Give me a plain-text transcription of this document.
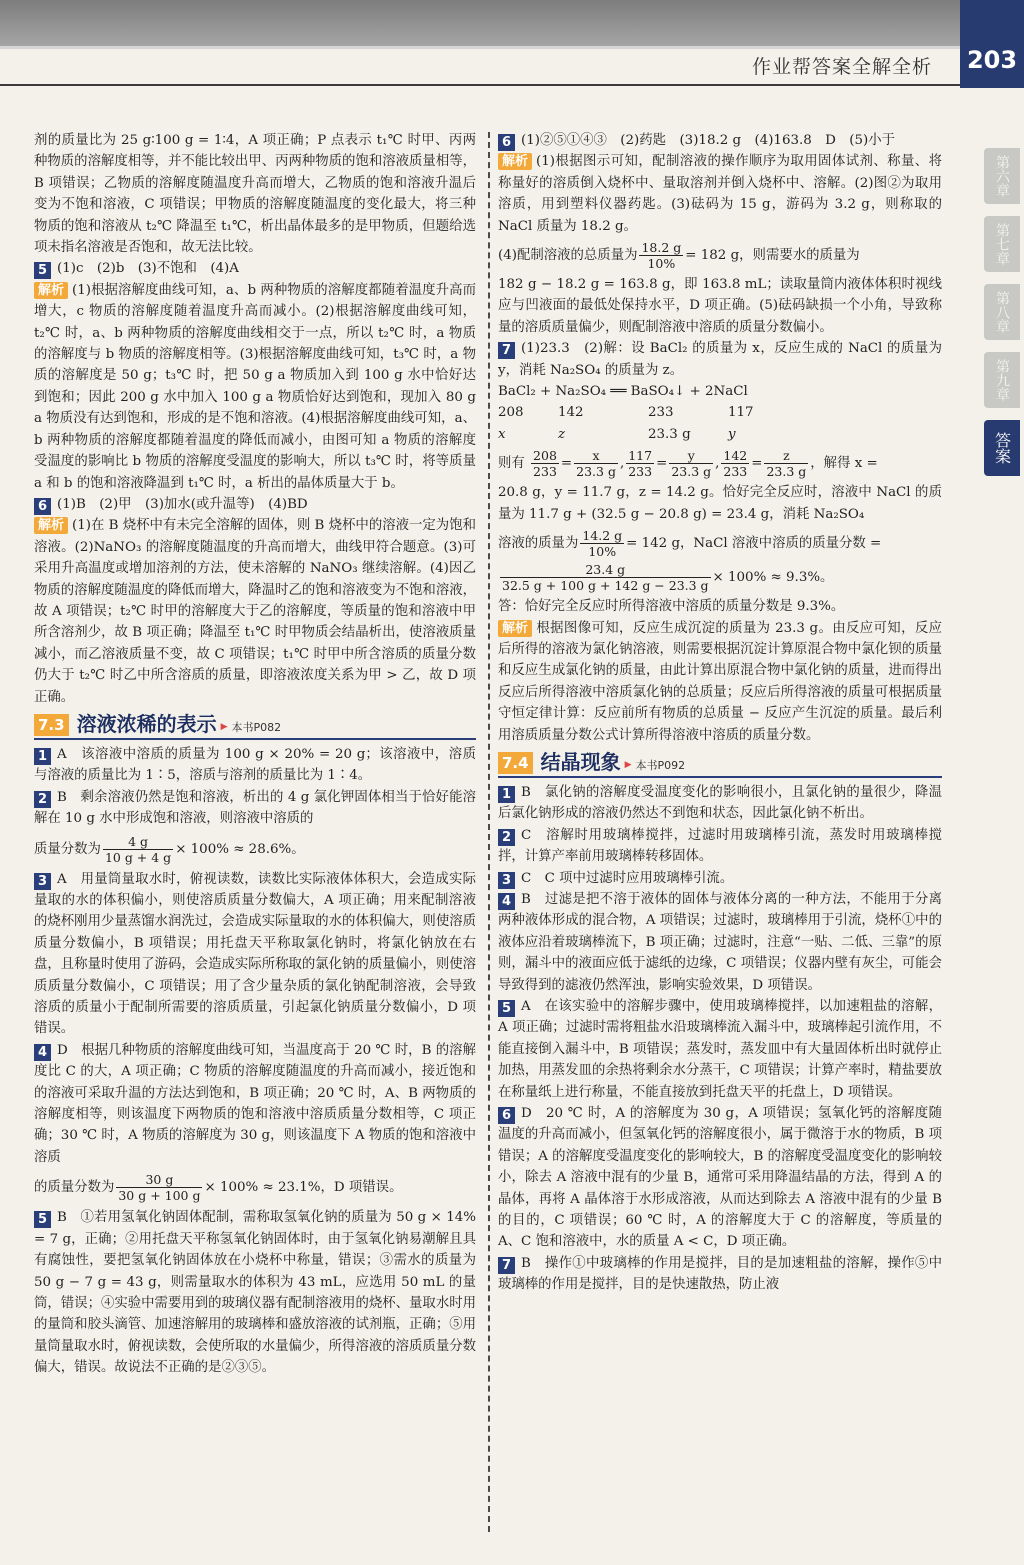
作业帮答案全解全析 203
第六章
第七章
第八章
第九章
答案

剂的质量比为 25 g∶100 g = 1∶4，A 项正确；P 点表示 t₁℃ 时甲、丙两种物质的溶解度相等，并不能比较出甲、丙两种物质的饱和溶液质量相等，B 项错误；乙物质的溶解度随温度升高而增大，乙物质的饱和溶液升温后变为不饱和溶液，C 项错误；甲物质的溶解度随温度的变化最大，将三种物质的饱和溶液从 t₂℃ 降温至 t₁℃，析出晶体最多的是甲物质，但题给选项未指名溶液是否饱和，故无法比较。

5 (1)c　(2)b　(3)不饱和　(4)A

解析 (1)根据溶解度曲线可知，a、b 两种物质的溶解度都随着温度升高而增大，c 物质的溶解度随着温度升高而减小。(2)根据溶解度曲线可知，t₂℃ 时，a、b 两种物质的溶解度曲线相交于一点，所以 t₂℃ 时，a 物质的溶解度与 b 物质的溶解度相等。(3)根据溶解度曲线可知，t₃℃ 时，a 物质的溶解度是 50 g；t₃℃ 时，把 50 g a 物质加入到 100 g 水中恰好达到饱和；因此 200 g 水中加入 100 g a 物质恰好达到饱和，现加入 80 g a 物质没有达到饱和，形成的是不饱和溶液。(4)根据溶解度曲线可知，a、b 两种物质的溶解度都随着温度的降低而减小，由图可知 a 物质的溶解度受温度的影响比 b 物质的溶解度受温度的影响大，所以 t₃℃ 时，将等质量 a 和 b 的饱和溶液降温到 t₁℃ 时，a 析出的晶体质量大于 b。

6 (1)B　(2)甲　(3)加水(或升温等)　(4)BD

解析 (1)在 B 烧杯中有未完全溶解的固体，则 B 烧杯中的溶液一定为饱和溶液。(2)NaNO₃ 的溶解度随温度的升高而增大，曲线甲符合题意。(3)可采用升高温度或增加溶剂的方法，使未溶解的 NaNO₃ 继续溶解。(4)因乙物质的溶解度随温度的降低而增大，降温时乙的饱和溶液变为不饱和溶液，故 A 项错误；t₂℃ 时甲的溶解度大于乙的溶解度，等质量的饱和溶液中甲所含溶剂少，故 B 项正确；降温至 t₁℃ 时甲物质会结晶析出，使溶液质量减小，而乙溶液质量不变，故 C 项错误；t₁℃ 时甲中所含溶质的质量分数仍大于 t₂℃ 时乙中所含溶质的质量，即溶液浓度关系为甲 > 乙，故 D 项正确。

7.3 溶液浓稀的表示 ▶ 本书P082

1 A　该溶液中溶质的质量为 100 g × 20% = 20 g；该溶液中，溶质与溶液的质量比为 1∶5，溶质与溶剂的质量比为 1∶4。

2 B　剩余溶液仍然是饱和溶液，析出的 4 g 氯化钾固体相当于恰好能溶解在 10 g 水中形成饱和溶液，则溶液中溶质的

质量分数为 $\frac{4 g}{10 g + 4 g} \times 100\% \approx 28.6\%$。

3 A　用量筒量取水时，俯视读数，读数比实际液体体积大，会造成实际量取的水的体积偏小，则使溶质质量分数偏大，A 项正确；用来配制溶液的烧杯刚用少量蒸馏水润洗过，会造成实际量取的水的体积偏大，则使溶质质量分数偏小，B 项错误；用托盘天平称取氯化钠时，将氯化钠放在右盘，且称量时使用了游码，会造成实际所称取的氯化钠的质量偏小，则使溶质质量分数偏小，C 项错误；用了含少量杂质的氯化钠配制溶液，会导致溶质的质量小于配制所需要的溶质质量，引起氯化钠质量分数偏小，D 项错误。

4 D　根据几种物质的溶解度曲线可知，当温度高于 20 ℃ 时，B 的溶解度比 C 的大，A 项正确；C 物质的溶解度随温度的升高而减小，接近饱和的溶液可采取升温的方法达到饱和，B 项正确；20 ℃ 时，A、B 两物质的溶解度相等，则该温度下两物质的饱和溶液中溶质质量分数相等，C 项正确；30 ℃ 时，A 物质的溶解度为 30 g，则该温度下 A 物质的饱和溶液中溶质

的质量分数为 $\frac{30 g}{30 g + 100 g} \times 100\% \approx 23.1\%$，D 项错误。

5 B　①若用氢氧化钠固体配制，需称取氢氧化钠的质量为 50 g × 14% = 7 g，正确；②用托盘天平称氢氧化钠固体时，由于氢氧化钠易潮解且具有腐蚀性，要把氢氧化钠固体放在小烧杯中称量，错误；③需水的质量为 50 g − 7 g = 43 g，则需量取水的体积为 43 mL，应选用 50 mL 的量筒，错误；④实验中需要用到的玻璃仪器有配制溶液用的烧杯、量取水时用的量筒和胶头滴管、加速溶解用的玻璃棒和盛放溶液的试剂瓶，正确；⑤用量筒量取水时，俯视读数，会使所取的水量偏少，所得溶液的溶质质量分数偏大，错误。故说法不正确的是②③⑤。

6 (1)②⑤①④③　(2)药匙　(3)18.2 g　(4)163.8　D　(5)小于

解析 (1)根据图示可知，配制溶液的操作顺序为取用固体试剂、称量、将称量好的溶质倒入烧杯中、量取溶剂并倒入烧杯中、溶解。(2)图②为取用溶质，用到塑料仪器药匙。(3)砝码为 15 g，游码为 3.2 g，则称取的 NaCl 质量为 18.2 g。

(4)配制溶液的总质量为 $\frac{18.2 g}{10\%} = 182$ g，则需要水的质量为

182 g − 18.2 g = 163.8 g，即 163.8 mL；读取量筒内液体体积时视线应与凹液面的最低处保持水平，D 项正确。(5)砝码缺损一个小角，导致称量的溶质质量偏少，则配制溶液中溶质的质量分数偏小。

7 (1)23.3　(2)解：设 BaCl₂ 的质量为 x，反应生成的 NaCl 的质量为 y，消耗 Na₂SO₄ 的质量为 z。

BaCl₂ + Na₂SO₄ ══ BaSO₄↓ + 2NaCl

208	142	233	117
x	z	23.3 g	y

则有 $\frac{208}{233} = \frac{x}{23.3 g}$ , $\frac{117}{233} = \frac{y}{23.3 g}$ , $\frac{142}{233} = \frac{z}{23.3 g}$ ，解得 x =

20.8 g，y = 11.7 g，z = 14.2 g。恰好完全反应时，溶液中 NaCl 的质量为 11.7 g + (32.5 g − 20.8 g) = 23.4 g，消耗 Na₂SO₄

溶液的质量为 $\frac{14.2 g}{10\%} = 142$ g，NaCl 溶液中溶质的质量分数 =

$\frac{23.4 g}{32.5 g + 100 g + 142 g - 23.3 g} \times 100\% \approx 9.3\%$。

答：恰好完全反应时所得溶液中溶质的质量分数是 9.3%。

解析 根据图像可知，反应生成沉淀的质量为 23.3 g。由反应可知，反应后所得的溶液为氯化钠溶液，则需要根据沉淀计算原混合物中氯化钡的质量和反应生成氯化钠的质量，由此计算出原混合物中氯化钠的质量，进而得出反应后所得溶液中溶质氯化钠的总质量；反应后所得溶液的质量可根据质量守恒定律计算：反应前所有物质的总质量 − 反应产生沉淀的质量。最后利用溶质质量分数公式计算所得溶液中溶质的质量分数。

7.4 结晶现象 ▶ 本书P092

1 B　氯化钠的溶解度受温度变化的影响很小，且氯化钠的量很少，降温后氯化钠形成的溶液仍然达不到饱和状态，因此氯化钠不析出。

2 C　溶解时用玻璃棒搅拌，过滤时用玻璃棒引流，蒸发时用玻璃棒搅拌，计算产率前用玻璃棒转移固体。

3 C　C 项中过滤时应用玻璃棒引流。

4 B　过滤是把不溶于液体的固体与液体分离的一种方法，不能用于分离两种液体形成的混合物，A 项错误；过滤时，玻璃棒用于引流，烧杯①中的液体应沿着玻璃棒流下，B 项正确；过滤时，注意“一贴、二低、三靠”的原则，漏斗中的液面应低于滤纸的边缘，C 项错误；仪器内壁有灰尘，可能会导致得到的滤液仍然浑浊，影响实验效果，D 项错误。

5 A　在该实验中的溶解步骤中，使用玻璃棒搅拌，以加速粗盐的溶解，A 项正确；过滤时需将粗盐水沿玻璃棒流入漏斗中，玻璃棒起引流作用，不能直接倒入漏斗中，B 项错误；蒸发时，蒸发皿中有大量固体析出时就停止加热，用蒸发皿的余热将剩余水分蒸干，C 项错误；计算产率时，精盐要放在称量纸上进行称量，不能直接放到托盘天平的托盘上，D 项错误。

6 D　20 ℃ 时，A 的溶解度为 30 g，A 项错误；氢氧化钙的溶解度随温度的升高而减小，但氢氧化钙的溶解度很小，属于微溶于水的物质，B 项错误；A 的溶解度受温度变化的影响较大，B 的溶解度受温度变化的影响较小，除去 A 溶液中混有的少量 B，通常可采用降温结晶的方法，得到 A 的晶体，再将 A 晶体溶于水形成溶液，从而达到除去 A 溶液中混有的少量 B 的目的，C 项错误；60 ℃ 时，A 的溶解度大于 C 的溶解度，等质量的 A、C 饱和溶液中，水的质量 A < C，D 项正确。

7 B　操作①中玻璃棒的作用是搅拌，目的是加速粗盐的溶解，操作⑤中玻璃棒的作用是搅拌，目的是快速散热，防止液
